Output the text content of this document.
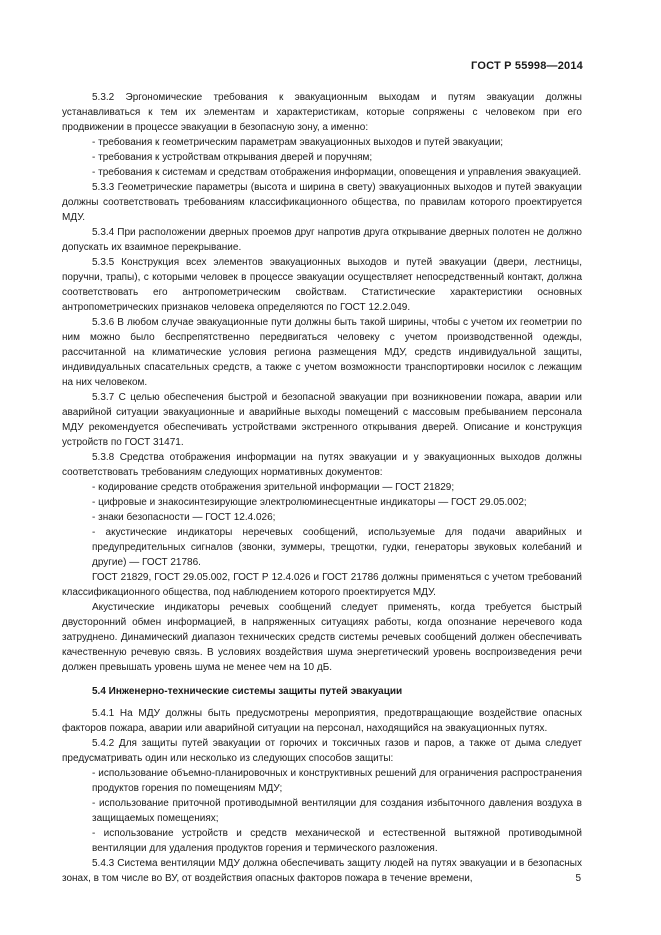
ГОСТ Р 55998—2014

5.3.2 Эргономические требования к эвакуационным выходам и путям эвакуации должны устанавливаться к тем их элементам и характеристикам, которые сопряжены с человеком при его продвижении в процессе эвакуации в безопасную зону, а именно:

- требования к геометрическим параметрам эвакуационных выходов и путей эвакуации;

- требования к устройствам открывания дверей и поручням;

- требования к системам и средствам отображения информации, оповещения и управления эвакуацией.

5.3.3 Геометрические параметры (высота и ширина в свету) эвакуационных выходов и путей эвакуации должны соответствовать требованиям классификационного общества, по правилам которого проектируется МДУ.

5.3.4 При расположении дверных проемов друг напротив друга открывание дверных полотен не должно допускать их взаимное перекрывание.

5.3.5 Конструкция всех элементов эвакуационных выходов и путей эвакуации (двери, лестницы, поручни, трапы), с которыми человек в процессе эвакуации осуществляет непосредственный контакт, должна соответствовать его антропометрическим свойствам. Статистические характеристики основных антропометрических признаков человека определяются по ГОСТ 12.2.049.

5.3.6 В любом случае эвакуационные пути должны быть такой ширины, чтобы с учетом их геометрии по ним можно было беспрепятственно передвигаться человеку с учетом производственной одежды, рассчитанной на климатические условия региона размещения МДУ, средств индивидуальной защиты, индивидуальных спасательных средств, а также с учетом возможности транспортировки носилок с лежащим на них человеком.

5.3.7 С целью обеспечения быстрой и безопасной эвакуации при возникновении пожара, аварии или аварийной ситуации эвакуационные и аварийные выходы помещений с массовым пребыванием персонала МДУ рекомендуется обеспечивать устройствами экстренного открывания дверей. Описание и конструкция устройств по ГОСТ 31471.

5.3.8 Средства отображения информации на путях эвакуации и у эвакуационных выходов должны соответствовать требованиям следующих нормативных документов:

- кодирование средств отображения зрительной информации — ГОСТ 21829;

- цифровые и знакосинтезирующие электролюминесцентные индикаторы — ГОСТ 29.05.002;

- знаки безопасности — ГОСТ 12.4.026;

- акустические индикаторы неречевых сообщений, используемые для подачи аварийных и предупредительных сигналов (звонки, зуммеры, трещотки, гудки, генераторы звуковых колебаний и другие) — ГОСТ 21786.

ГОСТ 21829, ГОСТ 29.05.002, ГОСТ Р 12.4.026 и ГОСТ 21786 должны применяться с учетом требований классификационного общества, под наблюдением которого проектируется МДУ.

Акустические индикаторы речевых сообщений следует применять, когда требуется быстрый двусторонний обмен информацией, в напряженных ситуациях работы, когда опознание неречевого кода затруднено. Динамический диапазон технических средств системы речевых сообщений должен обеспечивать качественную речевую связь. В условиях воздействия шума энергетический уровень воспроизведения речи должен превышать уровень шума не менее чем на 10 дБ.

5.4 Инженерно-технические системы защиты путей эвакуации

5.4.1 На МДУ должны быть предусмотрены мероприятия, предотвращающие воздействие опасных факторов пожара, аварии или аварийной ситуации на персонал, находящийся на эвакуационных путях.

5.4.2 Для защиты путей эвакуации от горючих и токсичных газов и паров, а также от дыма следует предусматривать один или несколько из следующих способов защиты:

- использование объемно-планировочных и конструктивных решений для ограничения распространения продуктов горения по помещениям МДУ;

- использование приточной противодымной вентиляции для создания избыточного давления воздуха в защищаемых помещениях;

- использование устройств и средств механической и естественной вытяжной противодымной вентиляции для удаления продуктов горения и термического разложения.

5.4.3 Система вентиляции МДУ должна обеспечивать защиту людей на путях эвакуации и в безопасных зонах, в том числе во ВУ, от воздействия опасных факторов пожара в течение времени,	5
